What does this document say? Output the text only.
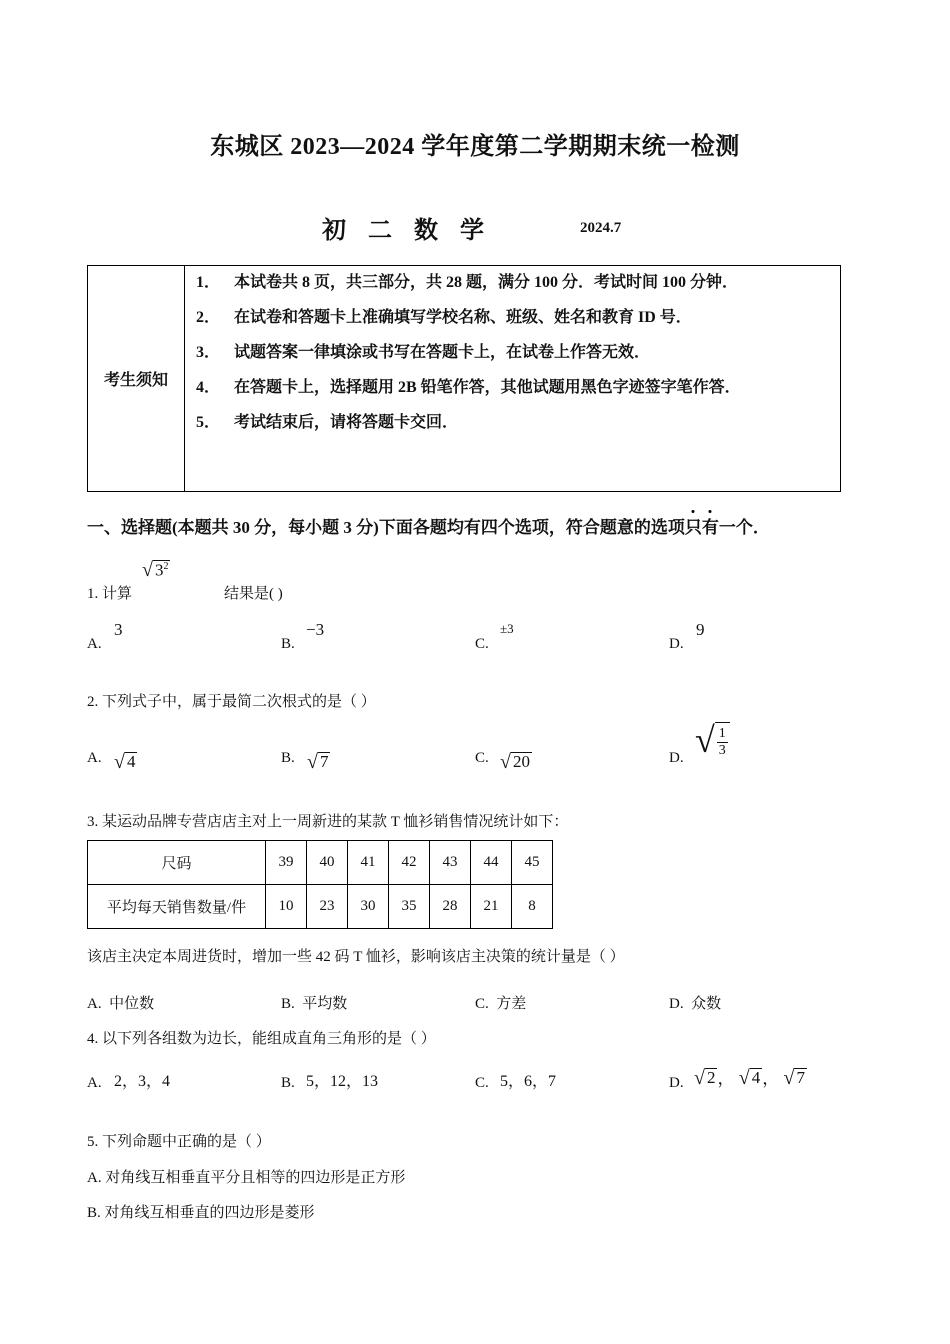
东城区 2023—2024 学年度第二学期期末统一检测
初 二 数 学	2024.7
考生须知
1． 本试卷共 8 页，共三部分，共 28 题，满分 100 分．考试时间 100 分钟．
2． 在试卷和答题卡上准确填写学校名称、班级、姓名和教育 ID 号．
3． 试题答案一律填涂或书写在答题卡上，在试卷上作答无效．
4． 在答题卡上，选择题用 2B 铅笔作答，其他试题用黑色字迹签字笔作答．
5． 考试结束后，请将答题卡交回．
一、选择题(本题共 30 分，每小题 3 分)下面各题均有四个选项，符合题意的选项只有一个．
1. 计算
√ $3^2$
结果是( )
A.
3
B.
−3
C.
±3
D.
9
2. 下列式子中，属于最简二次根式的是（ ）
A. √ 4	B. √ 7	C. √ 20	D. √ $\frac{1}{3}$
3. 某运动品牌专营店店主对上一周新进的某款 T 恤衫销售情况统计如下：
尺码	39	40	41	42	43	44	45
平均每天销售数量/件	10	23	30	35	28	21	8
该店主决定本周进货时，增加一些 42 码 T 恤衫，影响该店主决策的统计量是（ ）
A. 中位数	B. 平均数	C. 方差	D. 众数
4. 以下列各组数为边长，能组成直角三角形的是（ ）
A. 2，3，4	B. 5，12，13	C. 5，6，7	D. √ 2 ， √ 4 ， √ 7
5. 下列命题中正确的是（ ）
A. 对角线互相垂直平分且相等的四边形是正方形
B. 对角线互相垂直的四边形是菱形
